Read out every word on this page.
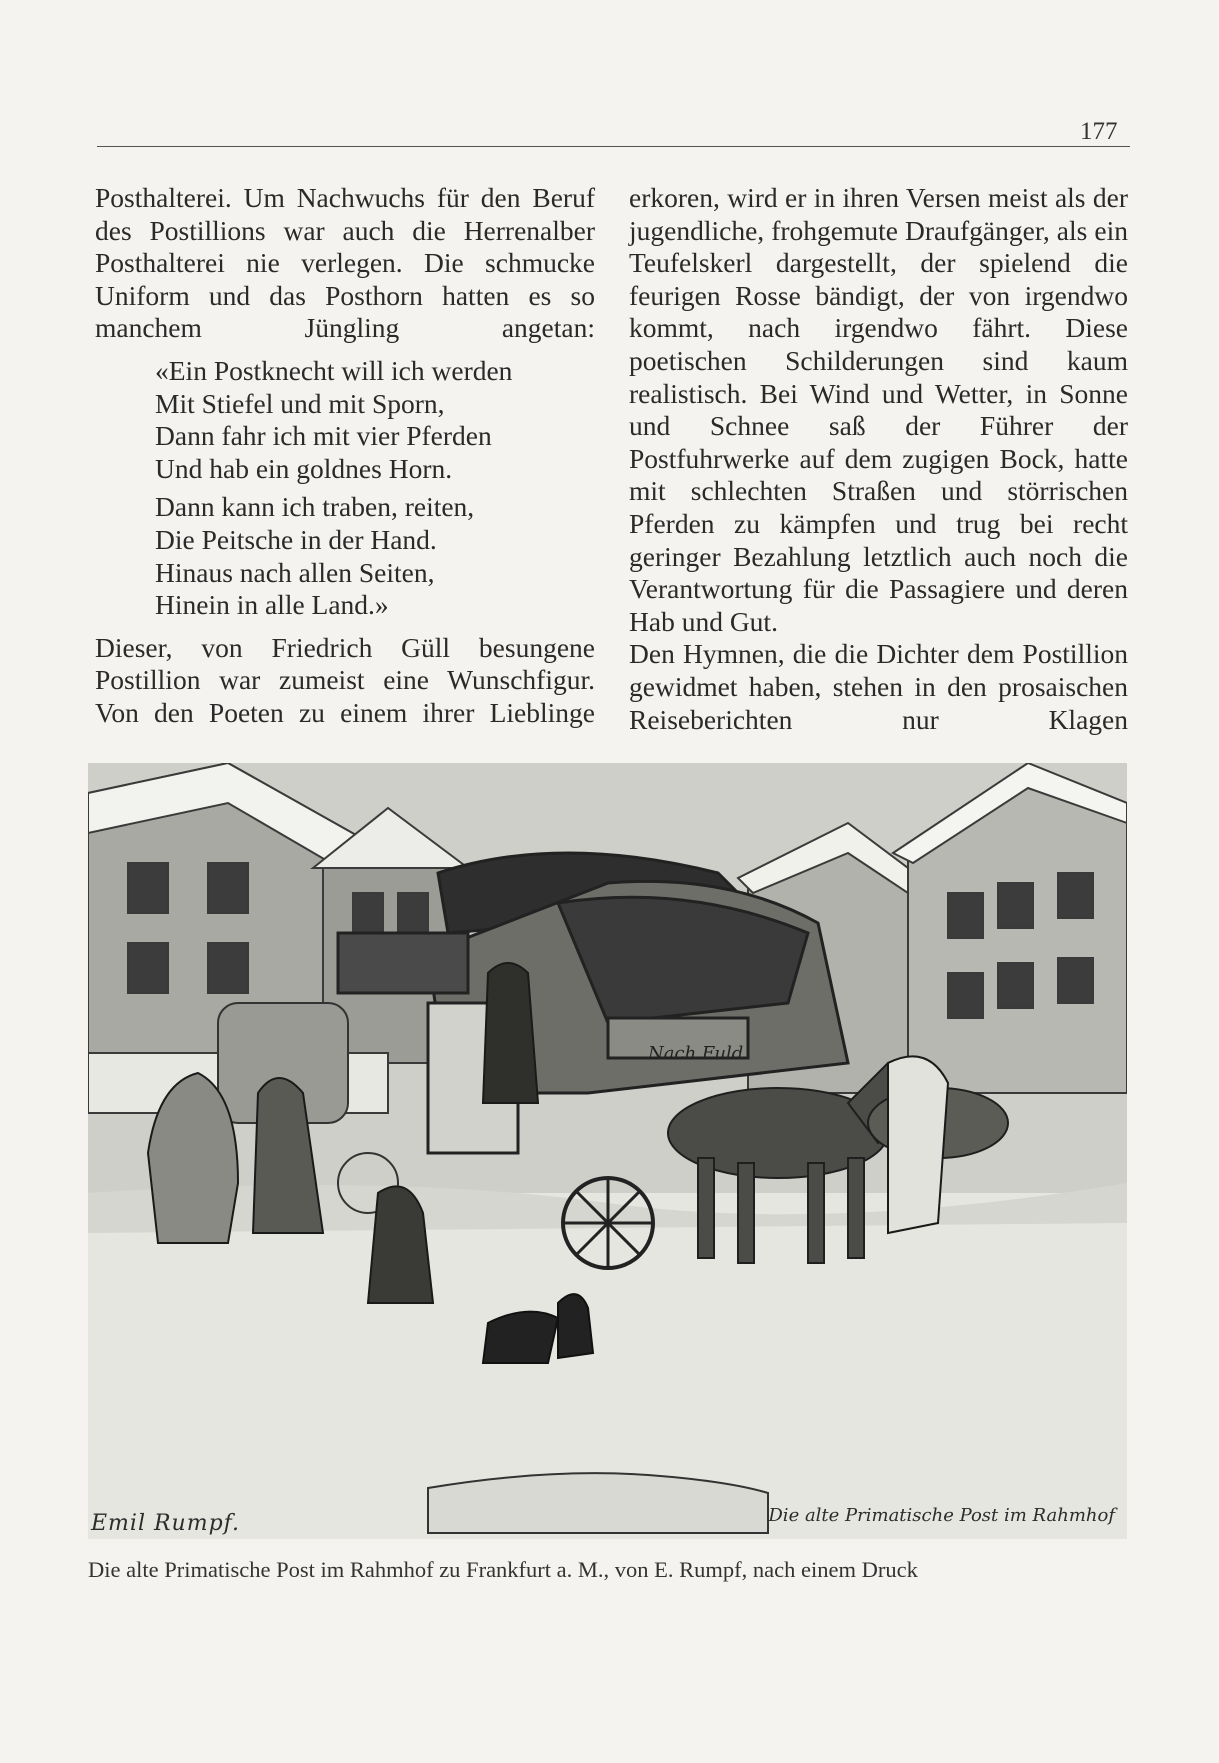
177

Posthalterei. Um Nachwuchs für den Beruf des Postillions war auch die Herrenalber Posthalterei nie verlegen. Die schmucke Uniform und das Posthorn hatten es so manchem Jüngling angetan:

«Ein Postknecht will ich werden
Mit Stiefel und mit Sporn,
Dann fahr ich mit vier Pferden
Und hab ein goldnes Horn.
Dann kann ich traben, reiten,
Die Peitsche in der Hand.
Hinaus nach allen Seiten,
Hinein in alle Land.»

Dieser, von Friedrich Güll besungene Postillion war zumeist eine Wunschfigur. Von den Poeten zu einem ihrer Lieblinge

erkoren, wird er in ihren Versen meist als der jugendliche, frohgemute Draufgänger, als ein Teufelskerl dargestellt, der spielend die feurigen Rosse bändigt, der von irgendwo kommt, nach irgendwo fährt. Diese poetischen Schilderungen sind kaum realistisch. Bei Wind und Wetter, in Sonne und Schnee saß der Führer der Postfuhrwerke auf dem zugigen Bock, hatte mit schlechten Straßen und störrischen Pferden zu kämpfen und trug bei recht geringer Bezahlung letztlich auch noch die Verantwortung für die Passagiere und deren Hab und Gut.

Den Hymnen, die die Dichter dem Postillion gewidmet haben, stehen in den prosaischen Reiseberichten nur Klagen

Nach Fuld
Emil Rumpf.	Die alte Primatische Post im Rahmhof
Die alte Primatische Post im Rahmhof zu Frankfurt a. M., von E. Rumpf, nach einem Druck
